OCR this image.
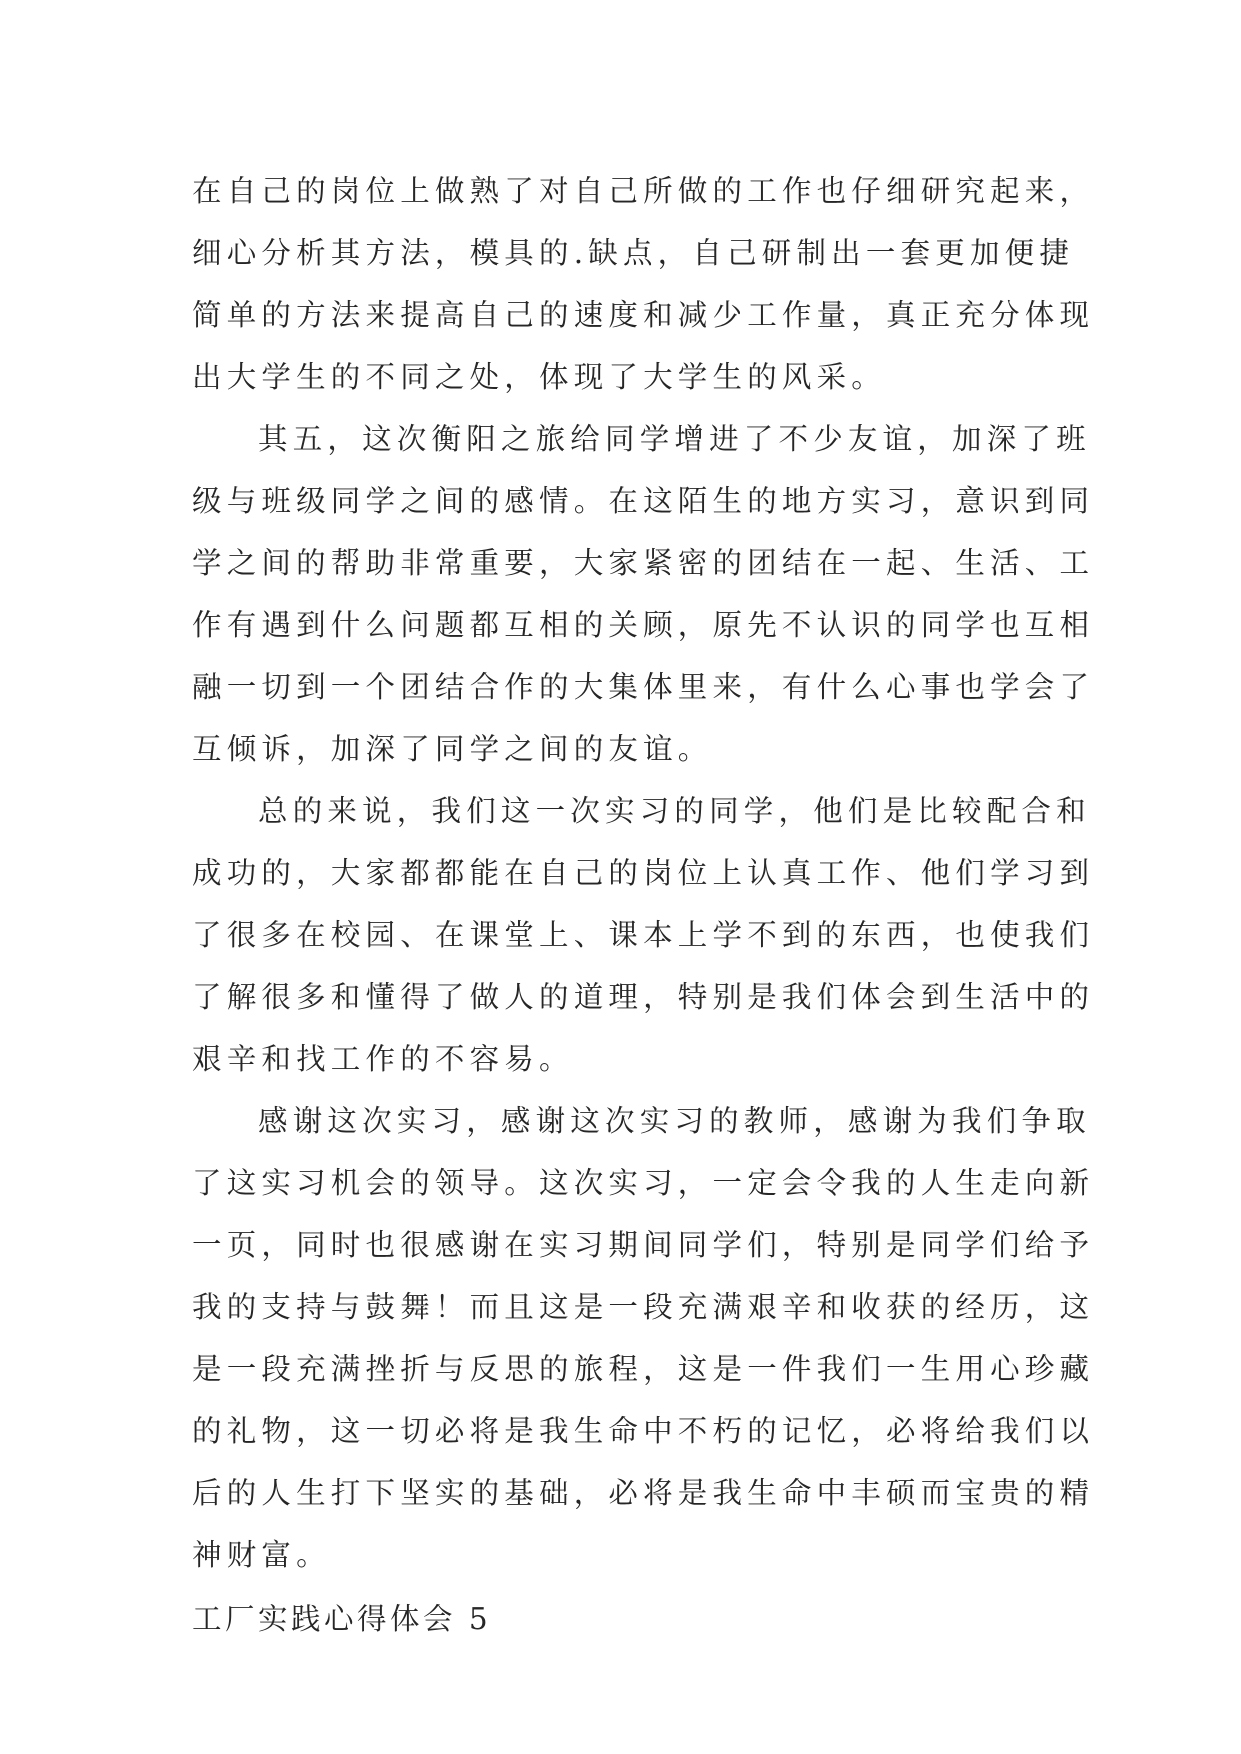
在自己的岗位上做熟了对自己所做的工作也仔细研究起来，
细心分析其方法，模具的.缺点，自己研制出一套更加便捷
简单的方法来提高自己的速度和减少工作量，真正充分体现
出大学生的不同之处，体现了大学生的风采。
其五，这次衡阳之旅给同学增进了不少友谊，加深了班
级与班级同学之间的感情。在这陌生的地方实习，意识到同
学之间的帮助非常重要，大家紧密的团结在一起、生活、工
作有遇到什么问题都互相的关顾，原先不认识的同学也互相
融一切到一个团结合作的大集体里来，有什么心事也学会了
互倾诉，加深了同学之间的友谊。
总的来说，我们这一次实习的同学，他们是比较配合和
成功的，大家都都能在自己的岗位上认真工作、他们学习到
了很多在校园、在课堂上、课本上学不到的东西，也使我们
了解很多和懂得了做人的道理，特别是我们体会到生活中的
艰辛和找工作的不容易。
感谢这次实习，感谢这次实习的教师，感谢为我们争取
了这实习机会的领导。这次实习，一定会令我的人生走向新
一页，同时也很感谢在实习期间同学们，特别是同学们给予
我的支持与鼓舞！而且这是一段充满艰辛和收获的经历，这
是一段充满挫折与反思的旅程，这是一件我们一生用心珍藏
的礼物，这一切必将是我生命中不朽的记忆，必将给我们以
后的人生打下坚实的基础，必将是我生命中丰硕而宝贵的精
神财富。
工厂实践心得体会 5
